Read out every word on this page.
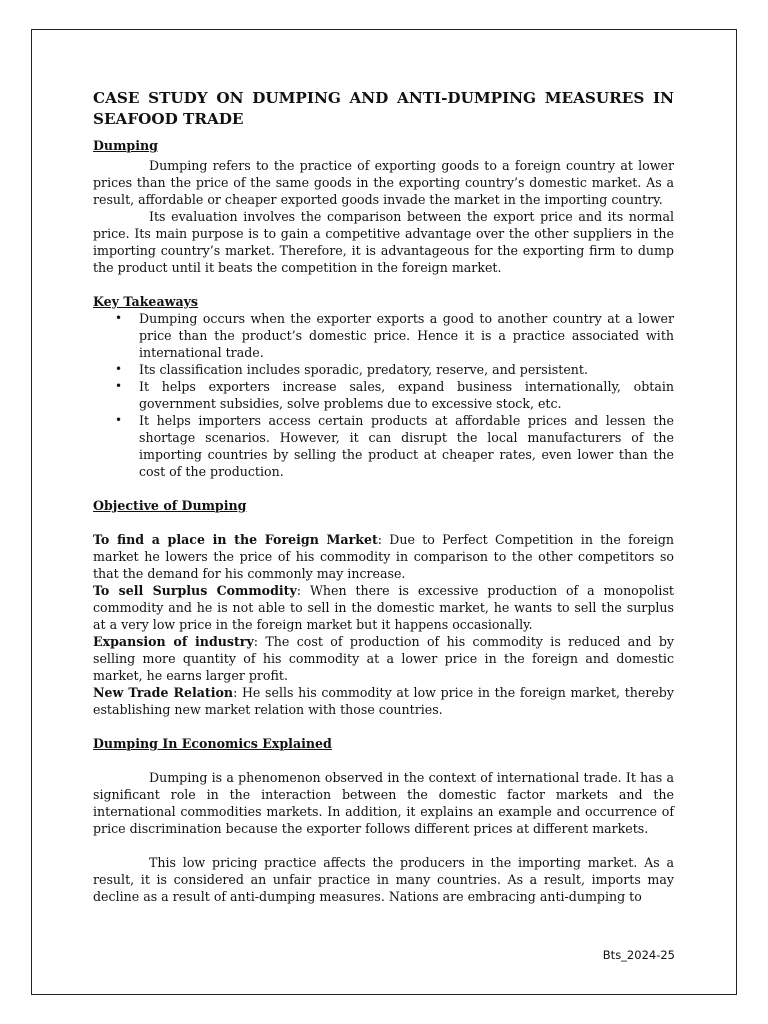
CASE STUDY ON DUMPING AND ANTI-DUMPING MEASURES IN SEAFOOD TRADE

Dumping

Dumping refers to the practice of exporting goods to a foreign country at lower prices than the price of the same goods in the exporting country’s domestic market. As a result, affordable or cheaper exported goods invade the market in the importing country.

Its evaluation involves the comparison between the export price and its normal price. Its main purpose is to gain a competitive advantage over the other suppliers in the importing country’s market. Therefore, it is advantageous for the exporting firm to dump the product until it beats the competition in the foreign market.

Key Takeaways

• Dumping occurs when the exporter exports a good to another country at a lower price than the product’s domestic price. Hence it is a practice associated with international trade.
• Its classification includes sporadic, predatory, reserve, and persistent.
• It helps exporters increase sales, expand business internationally, obtain government subsidies, solve problems due to excessive stock, etc.
• It helps importers access certain products at affordable prices and lessen the shortage scenarios. However, it can disrupt the local manufacturers of the importing countries by selling the product at cheaper rates, even lower than the cost of the production.

Objective of Dumping

To find a place in the Foreign Market: Due to Perfect Competition in the foreign market he lowers the price of his commodity in comparison to the other competitors so that the demand for his commonly may increase.

To sell Surplus Commodity: When there is excessive production of a monopolist commodity and he is not able to sell in the domestic market, he wants to sell the surplus at a very low price in the foreign market but it happens occasionally.

Expansion of industry: The cost of production of his commodity is reduced and by selling more quantity of his commodity at a lower price in the foreign and domestic market, he earns larger profit.

New Trade Relation: He sells his commodity at low price in the foreign market, thereby establishing new market relation with those countries.

Dumping In Economics Explained

Dumping is a phenomenon observed in the context of international trade. It has a significant role in the interaction between the domestic factor markets and the international commodities markets. In addition, it explains an example and occurrence of price discrimination because the exporter follows different prices at different markets.

This low pricing practice affects the producers in the importing market. As a result, it is considered an unfair practice in many countries. As a result, imports may decline as a result of anti-dumping measures. Nations are embracing anti-dumping to

Bts_2024-25
